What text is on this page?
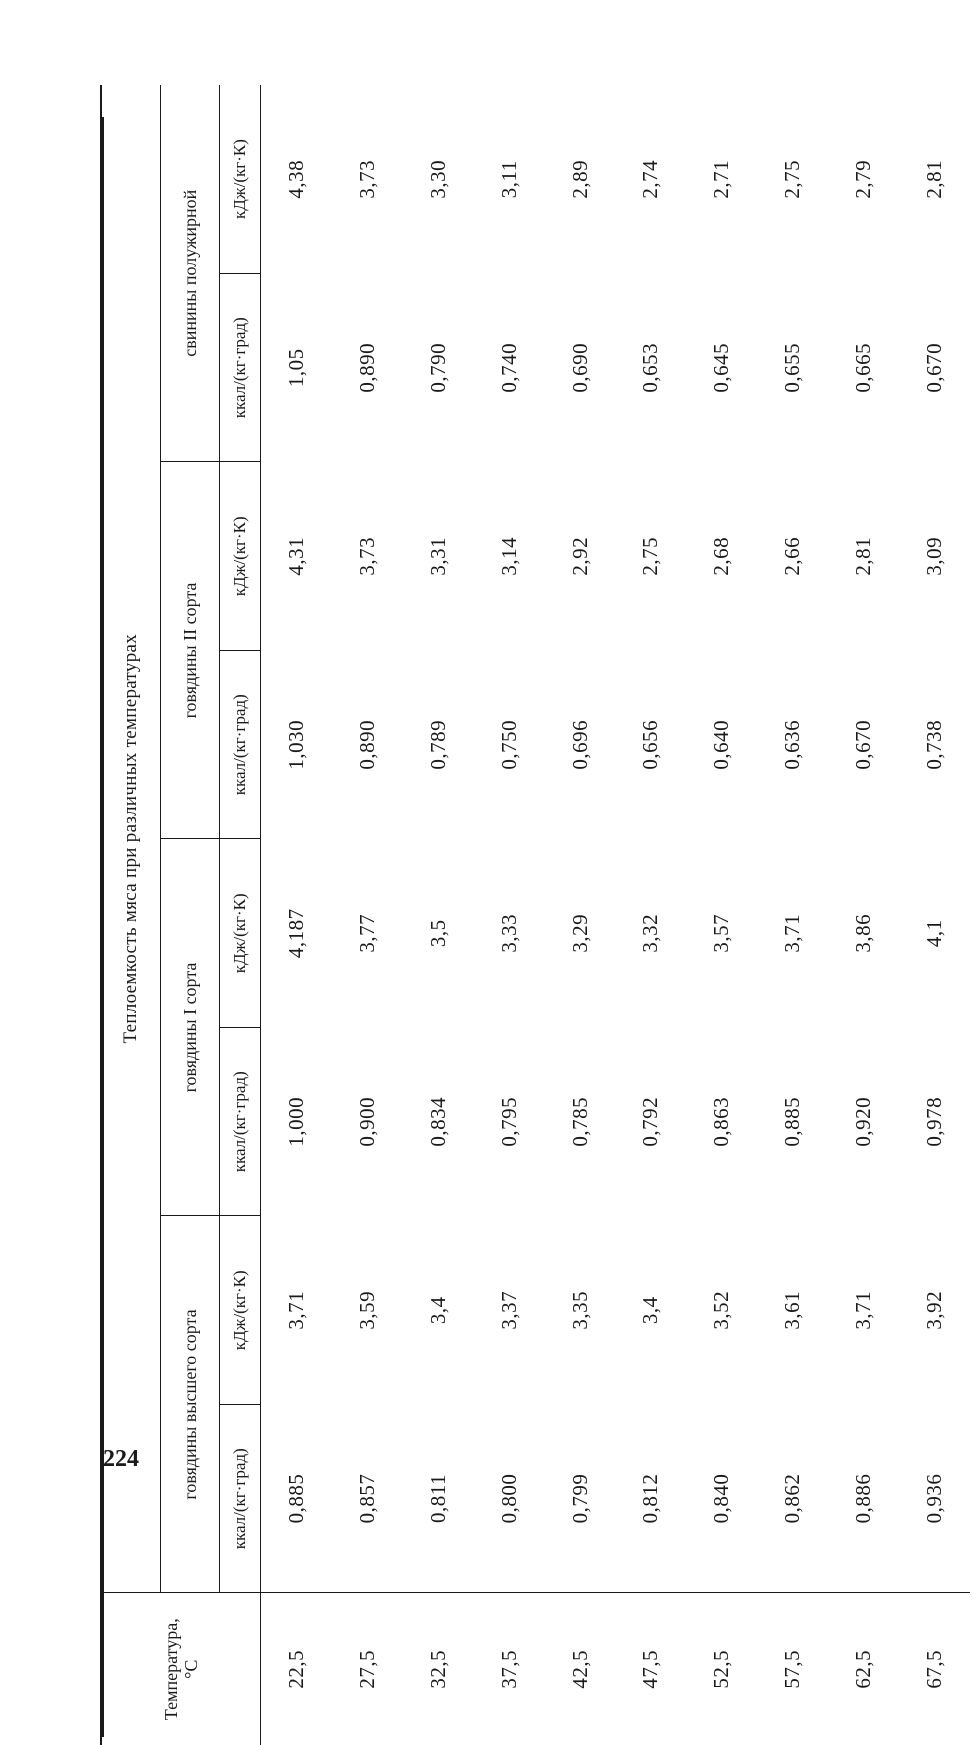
224
Температура, °С	Теплоемкость мяса при различных температурах							
	говядины высшего сорта		говядины I сорта		говядины II сорта		свинины полужирной	
	ккал/(кг·град)	кДж/(кг·К)	ккал/(кг·град)	кДж/(кг·К)	ккал/(кг·град)	кДж/(кг·К)	ккал/(кг·град)	кДж/(кг·К)
22,5	0,885	3,71	1,000	4,187	1,030	4,31	1,05	4,38
27,5	0,857	3,59	0,900	3,77	0,890	3,73	0,890	3,73
32,5	0,811	3,4	0,834	3,5	0,789	3,31	0,790	3,30
37,5	0,800	3,37	0,795	3,33	0,750	3,14	0,740	3,11
42,5	0,799	3,35	0,785	3,29	0,696	2,92	0,690	2,89
47,5	0,812	3,4	0,792	3,32	0,656	2,75	0,653	2,74
52,5	0,840	3,52	0,863	3,57	0,640	2,68	0,645	2,71
57,5	0,862	3,61	0,885	3,71	0,636	2,66	0,655	2,75
62,5	0,886	3,71	0,920	3,86	0,670	2,81	0,665	2,79
67,5	0,936	3,92	0,978	4,1	0,738	3,09	0,670	2,81
